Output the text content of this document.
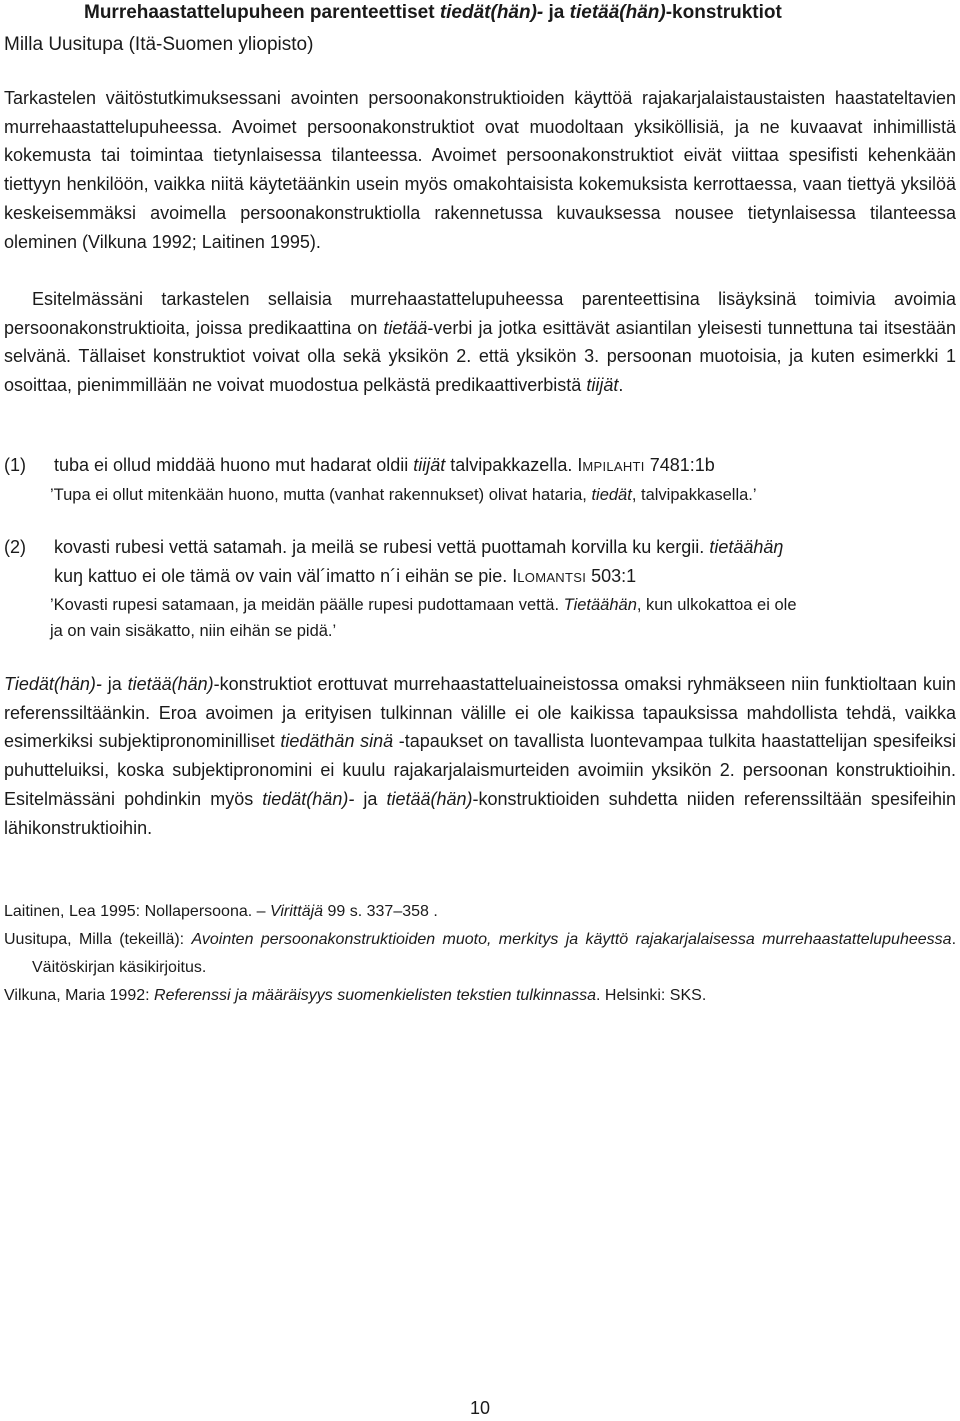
Murrehaastattelupuheen parenteettiset tiedät(hän)- ja tietää(hän)-konstruktiot
Milla Uusitupa (Itä-Suomen yliopisto)

Tarkastelen väitöstutkimuksessani avointen persoonakonstruktioiden käyttöä rajakarjalaistaustaisten haastateltavien murrehaastattelupuheessa. Avoimet persoonakonstruktiot ovat muodoltaan yksiköllisiä, ja ne kuvaavat inhimillistä kokemusta tai toimintaa tietynlaisessa tilanteessa. Avoimet persoonakonstruktiot eivät viittaa spesifisti kehenkään tiettyyn henkilöön, vaikka niitä käytetäänkin usein myös omakohtaisista kokemuksista kerrottaessa, vaan tiettyä yksilöä keskeisemmäksi avoimella persoonakonstruktiolla rakennetussa kuvauksessa nousee tietynlaisessa tilanteessa oleminen (Vilkuna 1992; Laitinen 1995).

Esitelmässäni tarkastelen sellaisia murrehaastattelupuheessa parenteettisina lisäyksinä toimivia avoimia persoonakonstruktioita, joissa predikaattina on tietää-verbi ja jotka esittävät asiantilan yleisesti tunnettuna tai itsestään selvänä. Tällaiset konstruktiot voivat olla sekä yksikön 2. että yksikön 3. persoonan muotoisia, ja kuten esimerkki 1 osoittaa, pienimmillään ne voivat muodostua pelkästä predikaattiverbistä tiijät.

(1) tuba ei ollud middää huono mut hadarat oldii tiijät talvipakkazella. IMPILAHTI 7481:1b
’Tupa ei ollut mitenkään huono, mutta (vanhat rakennukset) olivat hataria, tiedät, talvipakkasella.’
(2) kovasti rubesi vettä satamah. ja meilä se rubesi vettä puottamah korvilla ku kergii. tietäähäŋ
kuŋ kattuo ei ole tämä ov vain väl´imatto n´i eihän se pie. ILOMANTSI 503:1
’Kovasti rupesi satamaan, ja meidän päälle rupesi pudottamaan vettä. Tietäähän, kun ulkokattoa ei ole
ja on vain sisäkatto, niin eihän se pidä.’

Tiedät(hän)- ja tietää(hän)-konstruktiot erottuvat murrehaastatteluaineistossa omaksi ryhmäkseen niin funktioltaan kuin referenssiltäänkin. Eroa avoimen ja erityisen tulkinnan välille ei ole kaikissa tapauksissa mahdollista tehdä, vaikka esimerkiksi subjektipronominilliset tiedäthän sinä -tapaukset on tavallista luontevampaa tulkita haastattelijan spesifeiksi puhutteluiksi, koska subjektipronomini ei kuulu rajakarjalaismurteiden avoimiin yksikön 2. persoonan konstruktioihin. Esitelmässäni pohdinkin myös tiedät(hän)- ja tietää(hän)-konstruktioiden suhdetta niiden referenssiltään spesifeihin lähikonstruktioihin.

Laitinen, Lea 1995: Nollapersoona. – Virittäjä 99 s. 337–358 .

Uusitupa, Milla (tekeillä): Avointen persoonakonstruktioiden muoto, merkitys ja käyttö rajakarjalaisessa murrehaastattelupuheessa. Väitöskirjan käsikirjoitus.

Vilkuna, Maria 1992: Referenssi ja määräisyys suomenkielisten tekstien tulkinnassa. Helsinki: SKS.

10
